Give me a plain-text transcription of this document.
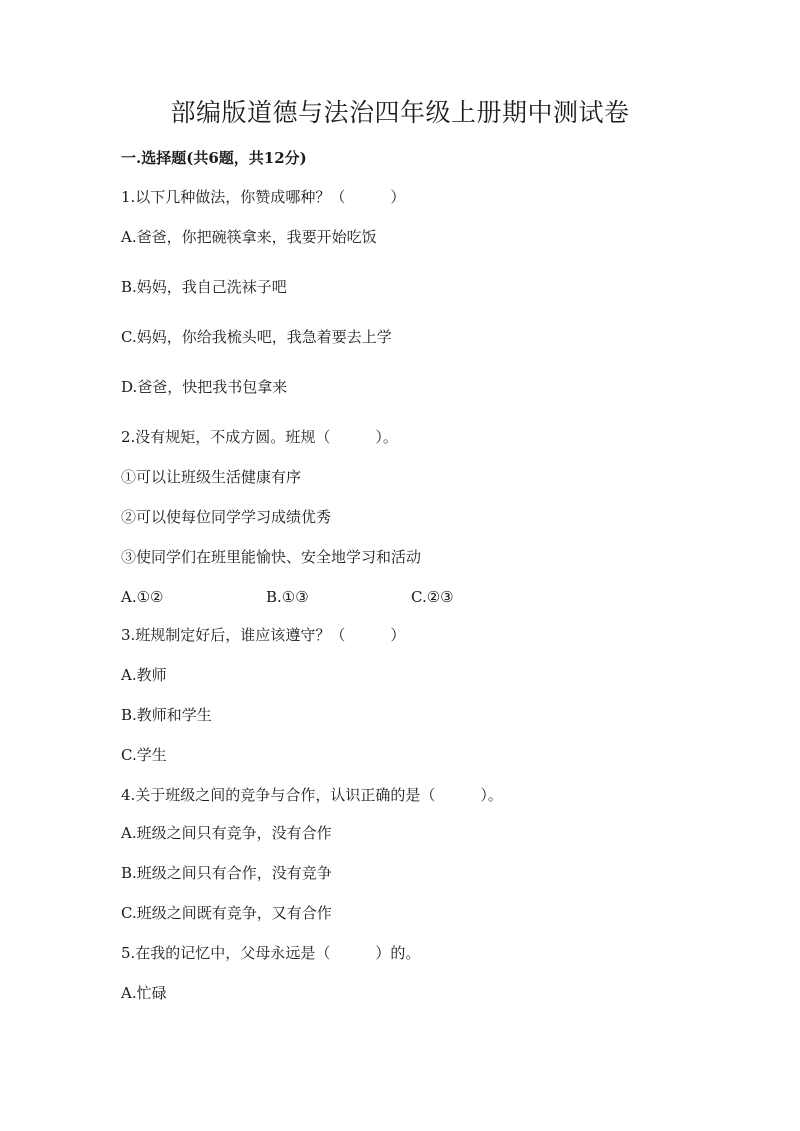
部编版道德与法治四年级上册期中测试卷
一.选择题(共6题，共12分)
1.以下几种做法，你赞成哪种？（　　　）
A.爸爸，你把碗筷拿来，我要开始吃饭
B.妈妈，我自己洗袜子吧
C.妈妈，你给我梳头吧，我急着要去上学
D.爸爸，快把我书包拿来
2.没有规矩，不成方圆。班规（　　　）。
①可以让班级生活健康有序
②可以使每位同学学习成绩优秀
③使同学们在班里能愉快、安全地学习和活动
A.①②	B.①③	C.②③
3.班规制定好后，谁应该遵守？（　　　）
A.教师
B.教师和学生
C.学生
4.关于班级之间的竞争与合作，认识正确的是（　　　）。
A.班级之间只有竞争，没有合作
B.班级之间只有合作，没有竞争
C.班级之间既有竞争，又有合作
5.在我的记忆中，父母永远是（　　　）的。
A.忙碌
